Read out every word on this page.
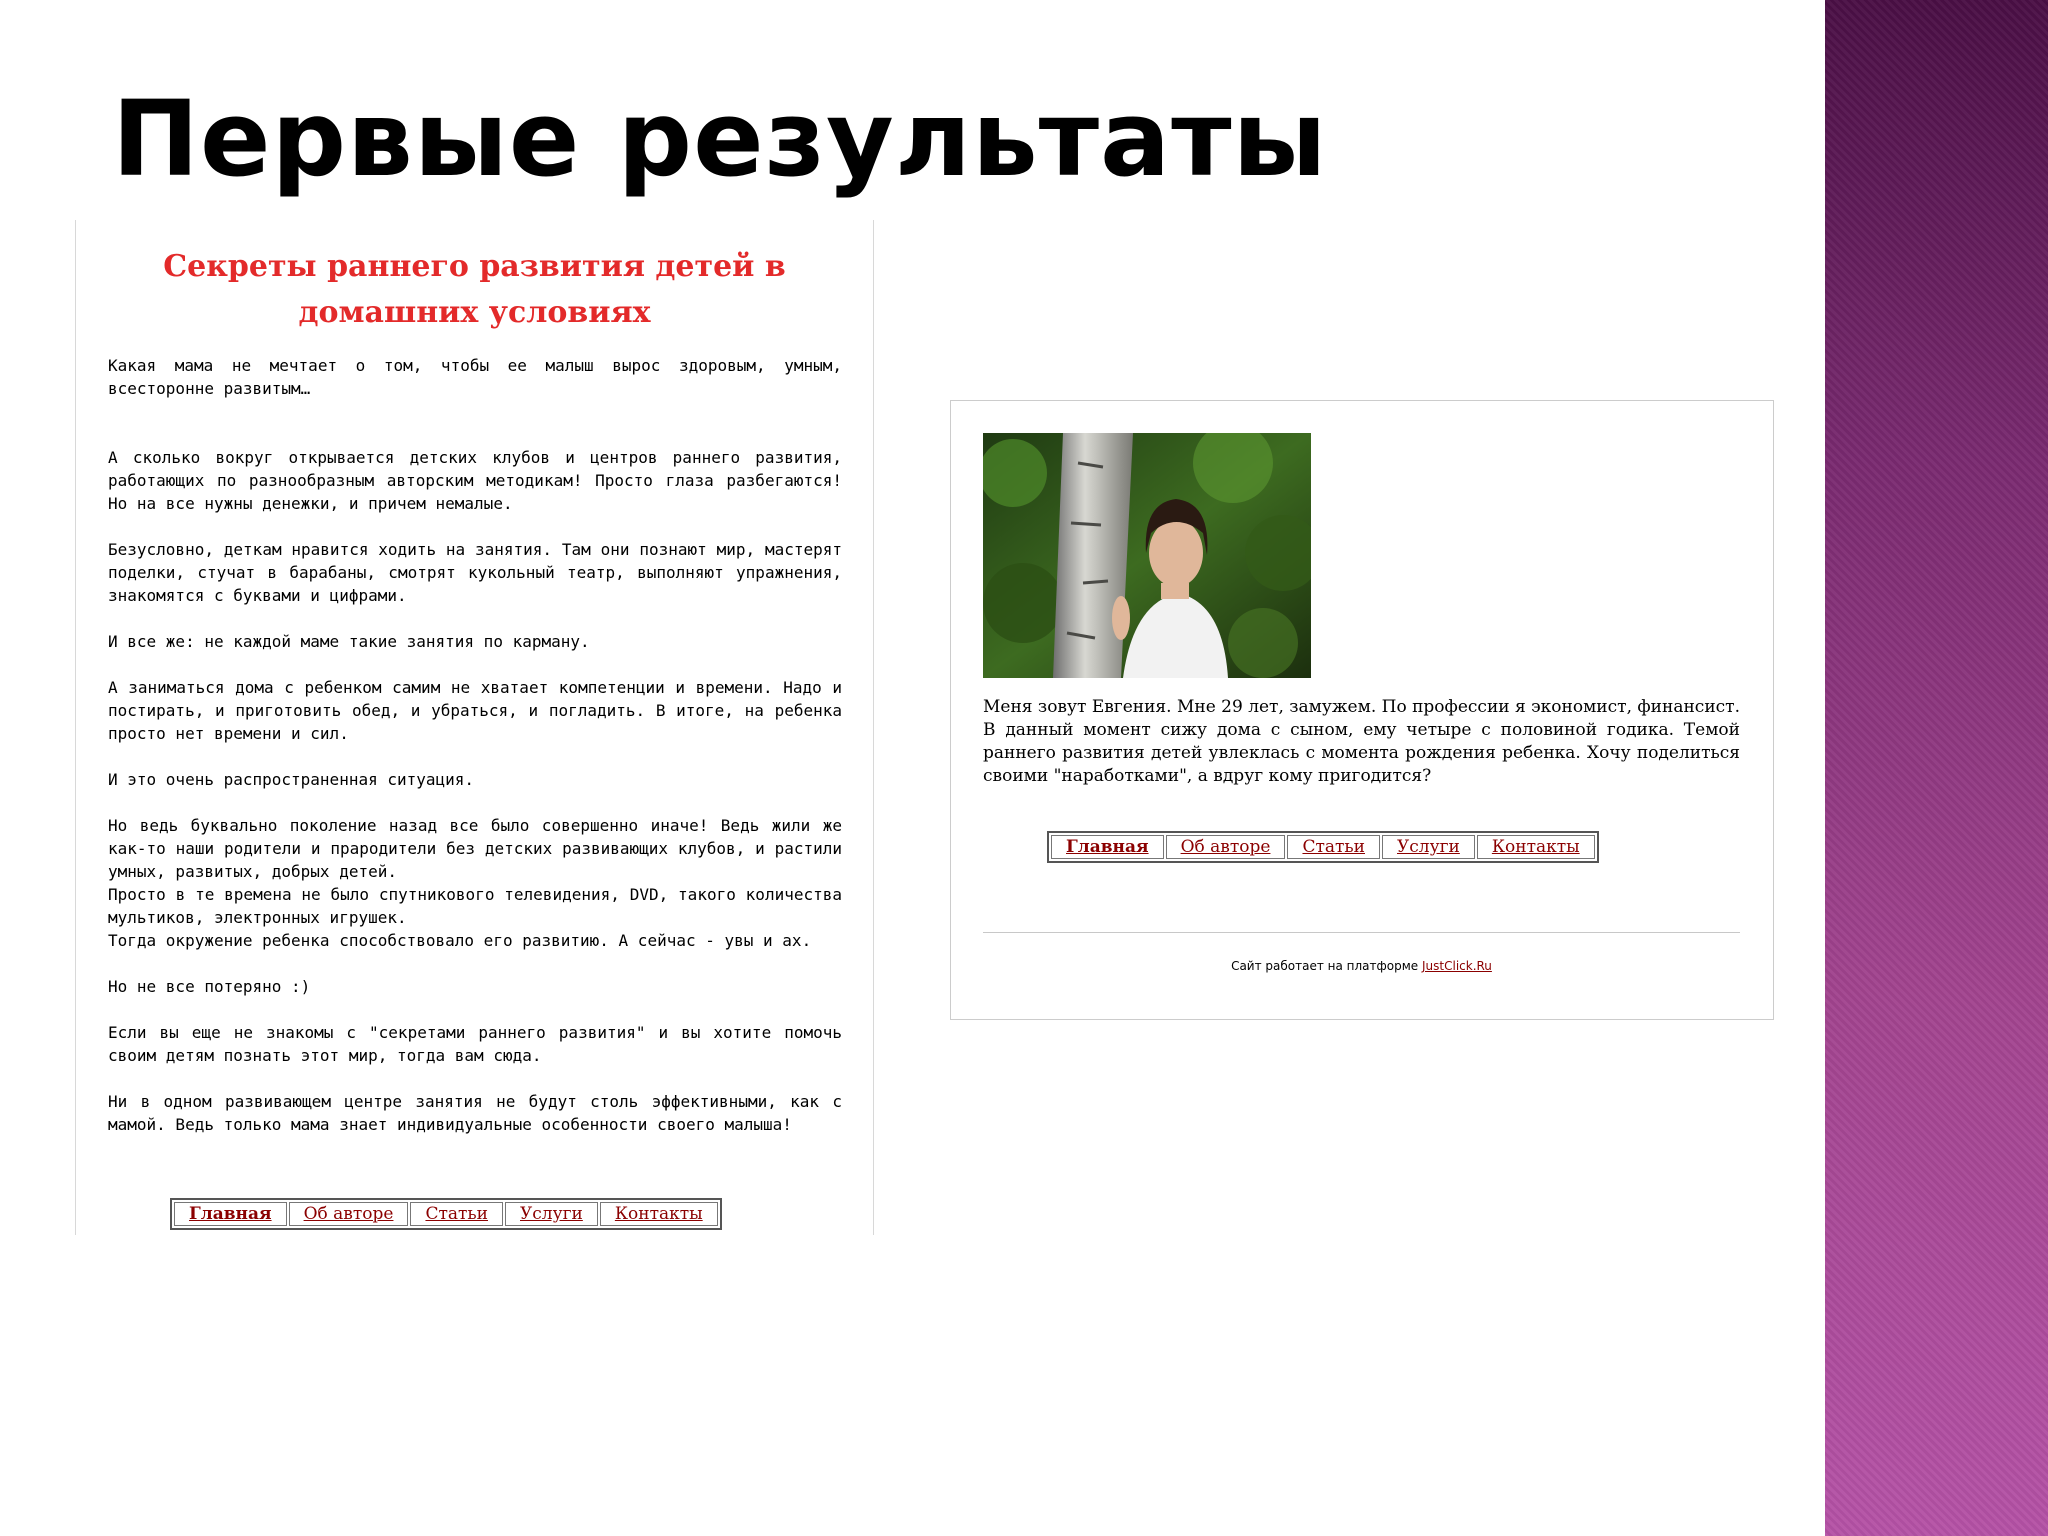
Первые результаты
Секреты раннего развития детей в домашних условиях

Какая мама не мечтает о том, чтобы ее малыш вырос здоровым, умным, всесторонне развитым…

А сколько вокруг открывается детских клубов и центров раннего развития, работающих по разнообразным авторским методикам! Просто глаза разбегаются! Но на все нужны денежки, и причем немалые.

Безусловно, деткам нравится ходить на занятия. Там они познают мир, мастерят поделки, стучат в барабаны, смотрят кукольный театр, выполняют упражнения, знакомятся с буквами и цифрами.

И все же: не каждой маме такие занятия по карману.

А заниматься дома с ребенком самим не хватает компетенции и времени. Надо и постирать, и приготовить обед, и убраться, и погладить. В итоге, на ребенка просто нет времени и сил.

И это очень распространенная ситуация.

Но ведь буквально поколение назад все было совершенно иначе! Ведь жили же как-то наши родители и прародители без детских развивающих клубов, и растили умных, развитых, добрых детей.
Просто в те времена не было спутникового телевидения, DVD, такого количества мультиков, электронных игрушек.
Тогда окружение ребенка способствовало его развитию. А сейчас - увы и ах.

Но не все потеряно :)

Если вы еще не знакомы с "секретами раннего развития" и вы хотите помочь своим детям познать этот мир, тогда вам сюда.

Ни в одном развивающем центре занятия не будут столь эффективными, как с мамой. Ведь только мама знает индивидуальные особенности своего малыша!

Главная	Об авторе	Статьи	Услуги	Контакты

Меня зовут Евгения. Мне 29 лет, замужем. По профессии я экономист, финансист. В данный момент сижу дома с сыном, ему четыре с половиной годика. Темой раннего развития детей увлеклась с момента рождения ребенка. Хочу поделиться своими "наработками", а вдруг кому пригодится?

Главная	Об авторе	Статьи	Услуги	Контакты
Сайт работает на платформе JustClick.Ru
